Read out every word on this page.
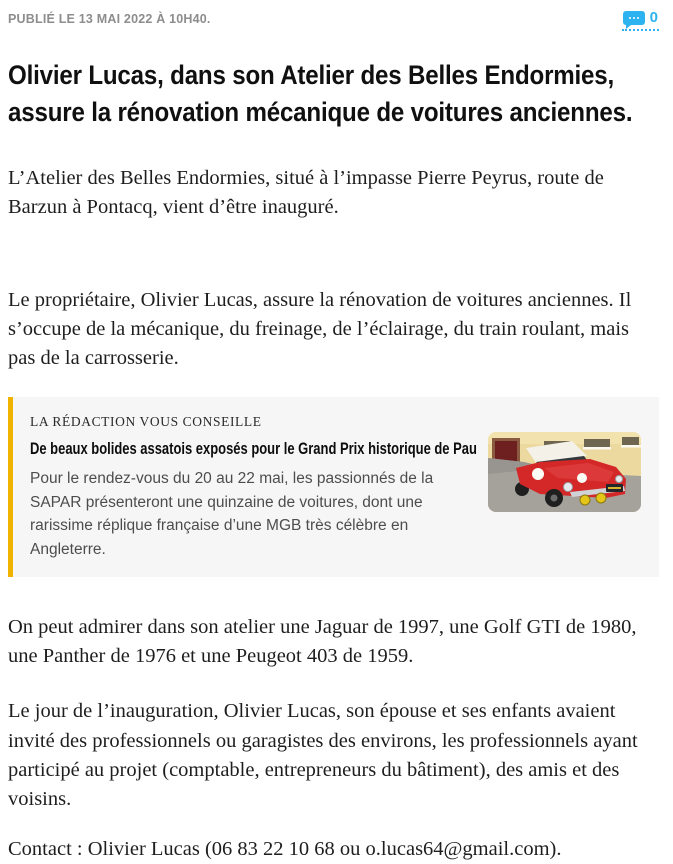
PUBLIÉ LE 13 MAI 2022 À 10H40.	0
Olivier Lucas, dans son Atelier des Belles Endormies, assure la rénovation mécanique de voitures anciennes.

L’Atelier des Belles Endormies, situé à l’impasse Pierre Peyrus, route de Barzun à Pontacq, vient d’être inauguré.

Le propriétaire, Olivier Lucas, assure la rénovation de voitures anciennes. Il s’occupe de la mécanique, du freinage, de l’éclairage, du train roulant, mais pas de la carrosserie.

LA RÉDACTION VOUS CONSEILLE
De beaux bolides assatois exposés pour le Grand Prix historique de Pau
Pour le rendez-vous du 20 au 22 mai, les passionnés de la SAPAR présenteront une quinzaine de voitures, dont une rarissime réplique française d’une MGB très célèbre en Angleterre.

On peut admirer dans son atelier une Jaguar de 1997, une Golf GTI de 1980, une Panther de 1976 et une Peugeot 403 de 1959.

Le jour de l’inauguration, Olivier Lucas, son épouse et ses enfants avaient invité des professionnels ou garagistes des environs, les professionnels ayant participé au projet (comptable, entrepreneurs du bâtiment), des amis et des voisins.

Contact : Olivier Lucas (06 83 22 10 68 ou o.lucas64@gmail.com).
